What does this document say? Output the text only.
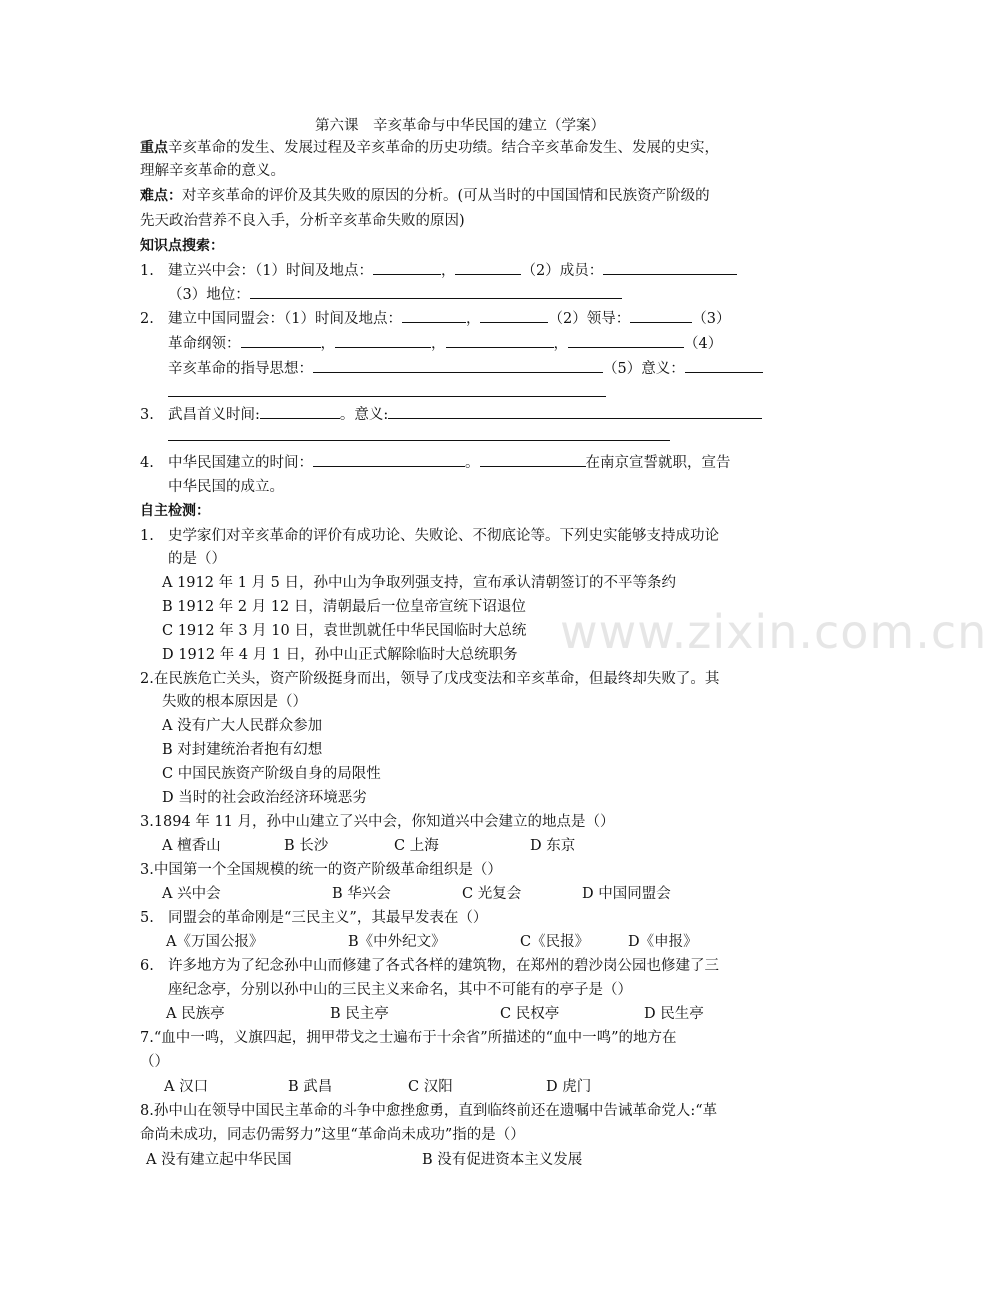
www.zixin.com.cn
第六课　辛亥革命与中华民国的建立（学案）
重点辛亥革命的发生、发展过程及辛亥革命的历史功绩。结合辛亥革命发生、发展的史实，
理解辛亥革命的意义。
难点：对辛亥革命的评价及其失败的原因的分析。(可从当时的中国国情和民族资产阶级的
先天政治营养不良入手，分析辛亥革命失败的原因)
知识点搜索：
1. 建立兴中会：（1）时间及地点：	，	（2）成员：
（3）地位：
2. 建立中国同盟会：（1）时间及地点：	，	（2）领导：	（3）
革命纲领：	，	，	，	（4）
辛亥革命的指导思想：	（5）意义：
3. 武昌首义时间:	。意义:
4. 中华民国建立的时间：	。	在南京宣誓就职，宣告
中华民国的成立。
自主检测：
1. 史学家们对辛亥革命的评价有成功论、失败论、不彻底论等。下列史实能够支持成功论
的是（）
A 1912 年 1 月 5 日，孙中山为争取列强支持，宣布承认清朝签订的不平等条约
B 1912 年 2 月 12 日，清朝最后一位皇帝宣统下诏退位
C 1912 年 3 月 10 日，袁世凯就任中华民国临时大总统
D 1912 年 4 月 1 日，孙中山正式解除临时大总统职务
2.在民族危亡关头，资产阶级挺身而出，领导了戊戌变法和辛亥革命，但最终却失败了。其
失败的根本原因是（）
A 没有广大人民群众参加
B 对封建统治者抱有幻想
C 中国民族资产阶级自身的局限性
D 当时的社会政治经济环境恶劣
3.1894 年 11 月，孙中山建立了兴中会，你知道兴中会建立的地点是（）
A 檀香山	B 长沙	C 上海	D 东京
3.中国第一个全国规模的统一的资产阶级革命组织是（）
A 兴中会	B 华兴会	C 光复会	D 中国同盟会
5. 同盟会的革命刚是“三民主义”，其最早发表在（）
A《万国公报》	B《中外纪文》	C《民报》	D《申报》
6. 许多地方为了纪念孙中山而修建了各式各样的建筑物，在郑州的碧沙岗公园也修建了三
座纪念亭，分别以孙中山的三民主义来命名，其中不可能有的亭子是（）
A 民族亭	B 民主亭	C 民权亭	D 民生亭
7.“血中一鸣，义旗四起，拥甲带戈之士遍布于十余省”所描述的“血中一鸣”的地方在
（）
A 汉口	B 武昌	C 汉阳	D 虎门
8.孙中山在领导中国民主革命的斗争中愈挫愈勇，直到临终前还在遗嘱中告诫革命党人:“革
命尚未成功，同志仍需努力”这里“革命尚未成功”指的是（）
A 没有建立起中华民国	B 没有促进资本主义发展
